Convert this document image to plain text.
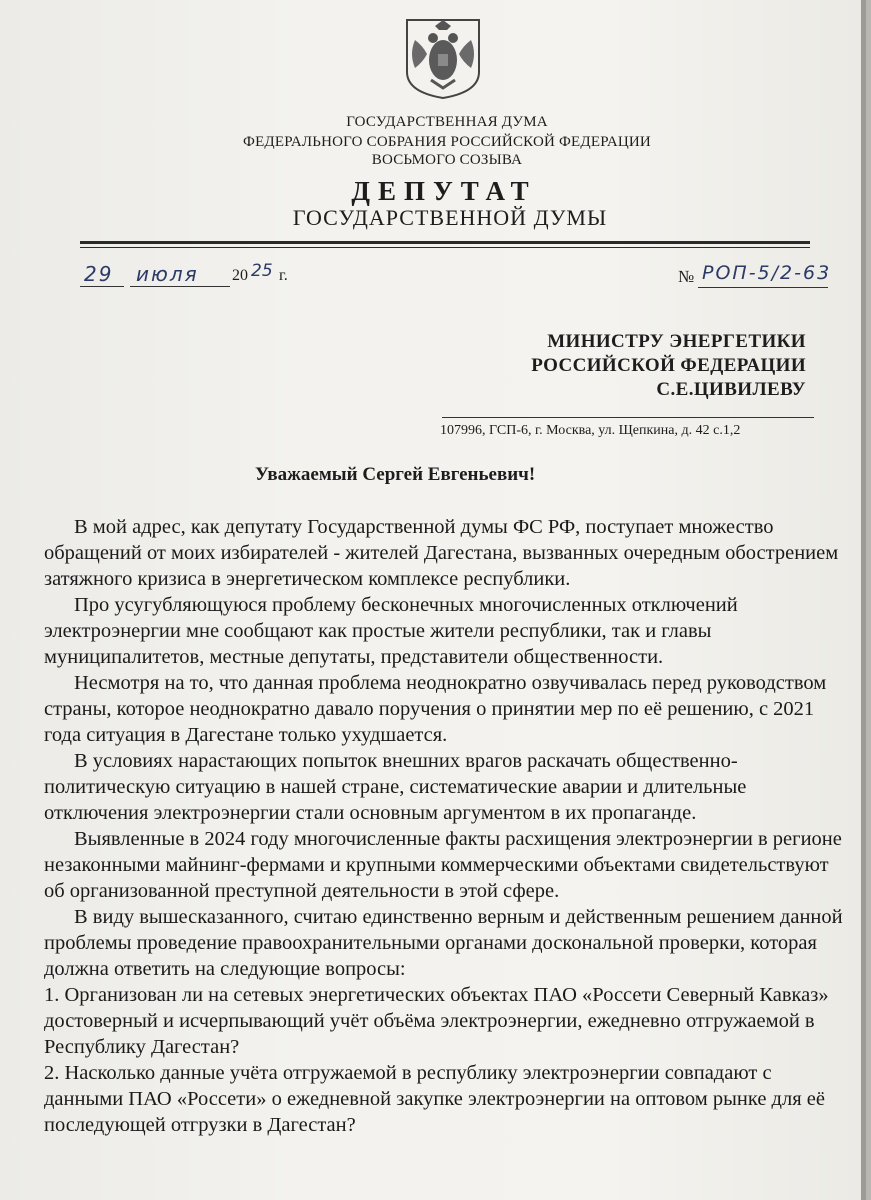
ГОСУДАРСТВЕННАЯ ДУМА
ФЕДЕРАЛЬНОГО СОБРАНИЯ РОССИЙСКОЙ ФЕДЕРАЦИИ
ВОСЬМОГО СОЗЫВА
ДЕПУТАТ
ГОСУДАРСТВЕННОЙ ДУМЫ
29 июля 20 25 г.	№ РОП-5/2-63
МИНИСТРУ ЭНЕРГЕТИКИ
РОССИЙСКОЙ ФЕДЕРАЦИИ
С.Е.ЦИВИЛЕВУ
107996, ГСП-6, г. Москва, ул. Щепкина, д. 42 с.1,2
Уважаемый Сергей Евгеньевич!

В мой адрес, как депутату Государственной думы ФС РФ, поступает множество обращений от моих избирателей - жителей Дагестана, вызванных очередным обострением затяжного кризиса в энергетическом комплексе республики.

Про усугубляющуюся проблему бесконечных многочисленных отключений электроэнергии мне сообщают как простые жители республики, так и главы муниципалитетов, местные депутаты, представители общественности.

Несмотря на то, что данная проблема неоднократно озвучивалась перед руководством страны, которое неоднократно давало поручения о принятии мер по её решению, с 2021 года ситуация в Дагестане только ухудшается.

В условиях нарастающих попыток внешних врагов раскачать общественно-политическую ситуацию в нашей стране, систематические аварии и длительные отключения электроэнергии стали основным аргументом в их пропаганде.

Выявленные в 2024 году многочисленные факты расхищения электроэнергии в регионе незаконными майнинг-фермами и крупными коммерческими объектами свидетельствуют об организованной преступной деятельности в этой сфере.

В виду вышесказанного, считаю единственно верным и действенным решением данной проблемы проведение правоохранительными органами доскональной проверки, которая должна ответить на следующие вопросы:

1. Организован ли на сетевых энергетических объектах ПАО «Россети Северный Кавказ» достоверный и исчерпывающий учёт объёма электроэнергии, ежедневно отгружаемой в Республику Дагестан?

2. Насколько данные учёта отгружаемой в республику электроэнергии совпадают с данными ПАО «Россети» о ежедневной закупке электроэнергии на оптовом рынке для её последующей отгрузки в Дагестан?
